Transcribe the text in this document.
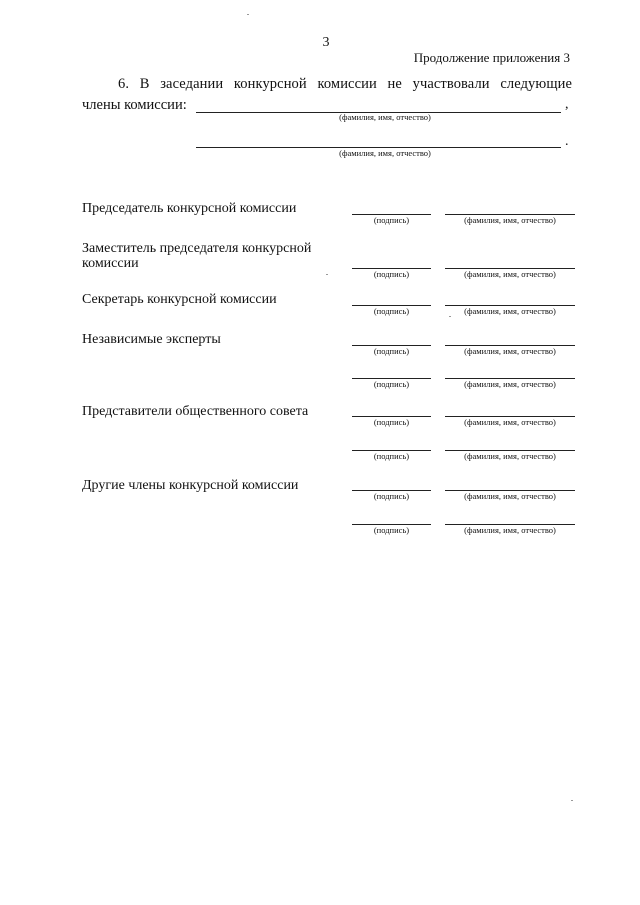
3
Продолжение приложения 3
6. В заседании конкурсной комиссии не участвовали следующие
члены комиссии:	,
(фамилия, имя, отчество)
.
(фамилия, имя, отчество)
Председатель конкурсной комиссии
(подпись)	(фамилия, имя, отчество)
Заместитель председателя конкурсной комиссии
(подпись)	(фамилия, имя, отчество)
Секретарь конкурсной комиссии
(подпись)	(фамилия, имя, отчество)
Независимые эксперты
(подпись)	(фамилия, имя, отчество)
(подпись)	(фамилия, имя, отчество)
Представители общественного совета
(подпись)	(фамилия, имя, отчество)
(подпись)	(фамилия, имя, отчество)
Другие члены конкурсной комиссии
(подпись)	(фамилия, имя, отчество)
(подпись)	(фамилия, имя, отчество)
